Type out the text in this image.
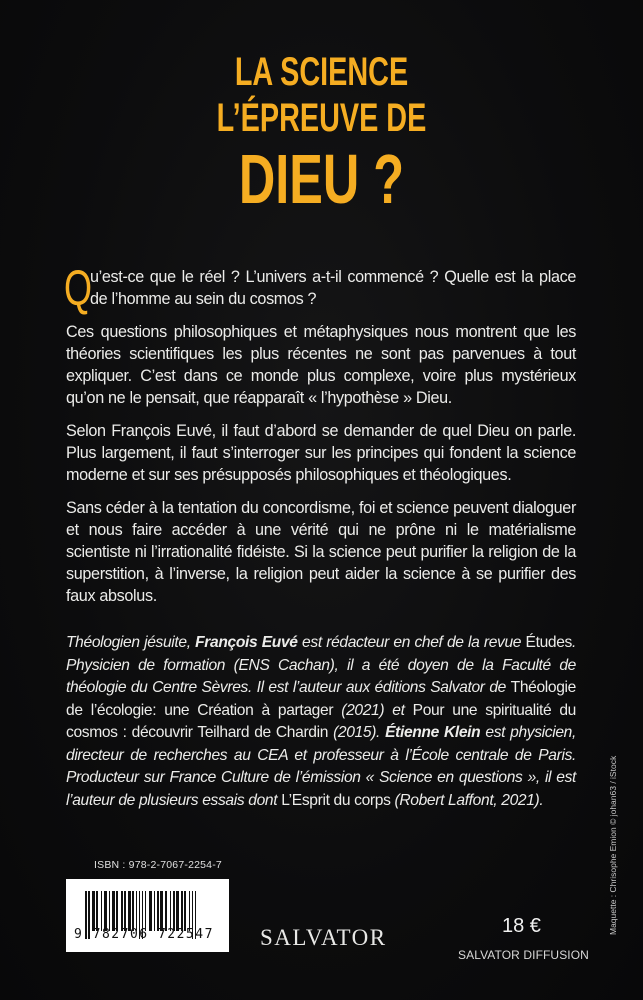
LA SCIENCE
L’ÉPREUVE DE
DIEU ?

Q
u’est-ce que le réel ? L’univers a-t-il commencé ? Quelle est la place de l’homme au sein du cosmos ?

Ces questions philosophiques et métaphysiques nous montrent que les théories scientifiques les plus récentes ne sont pas parvenues à tout expliquer. C’est dans ce monde plus complexe, voire plus mystérieux qu’on ne le pensait, que réapparaît « l’hypothèse » Dieu.

Selon François Euvé, il faut d’abord se demander de quel Dieu on parle. Plus largement, il faut s’interroger sur les principes qui fondent la science moderne et sur ses présupposés philosophiques et théologiques.

Sans céder à la tentation du concordisme, foi et science peuvent dialoguer et nous faire accéder à une vérité qui ne prône ni le matérialisme scientiste ni l’irrationalité fidéiste. Si la science peut purifier la religion de la superstition, à l’inverse, la religion peut aider la science à se purifier des faux absolus.

Théologien jésuite, François Euvé est rédacteur en chef de la revue Études. Physicien de formation (ENS Cachan), il a été doyen de la Faculté de théologie du Centre Sèvres. Il est l’auteur aux éditions Salvator de Théologie de l’écologie: une Création à partager (2021) et Pour une spiritualité du cosmos : découvrir Teilhard de Chardin (2015). Étienne Klein est physicien, directeur de recherches au CEA et professeur à l’École centrale de Paris. Producteur sur France Culture de l’émission « Science en questions », il est l’auteur de plusieurs essais dont L’Esprit du corps (Robert Laffont, 2021).
ISBN : 978-2-7067-2254-7
9 782706 722547 SALVATOR	18 €
SALVATOR DIFFUSION
Maquette : Chrisophe Emion © johan63 / iStock
